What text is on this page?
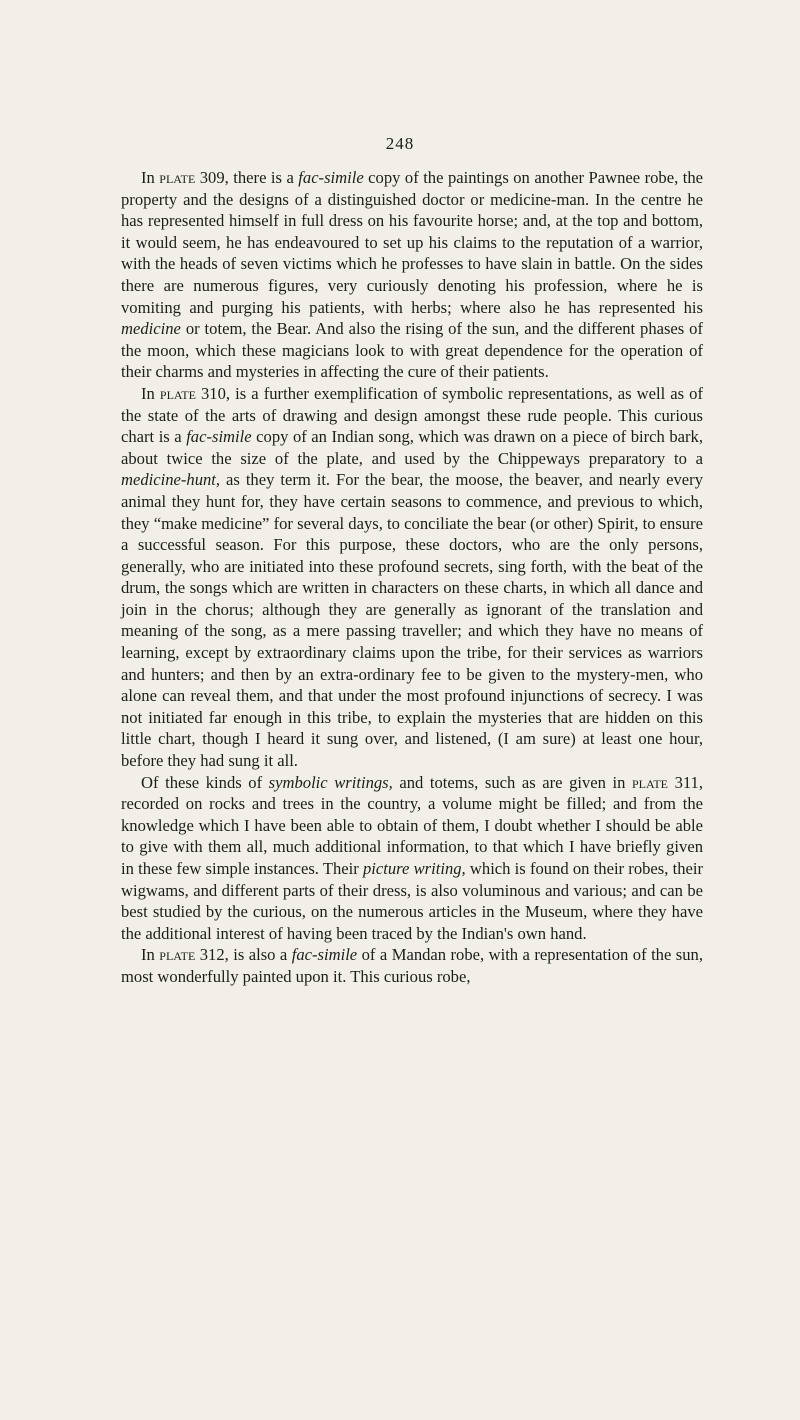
248

In plate 309, there is a fac-simile copy of the paintings on another Pawnee robe, the property and the designs of a distinguished doctor or medicine-man. In the centre he has represented himself in full dress on his favourite horse; and, at the top and bottom, it would seem, he has endeavoured to set up his claims to the reputation of a warrior, with the heads of seven victims which he professes to have slain in battle. On the sides there are numerous figures, very curiously denoting his profession, where he is vomiting and purging his patients, with herbs; where also he has represented his medicine or totem, the Bear. And also the rising of the sun, and the different phases of the moon, which these magicians look to with great dependence for the operation of their charms and mysteries in affecting the cure of their patients.

In plate 310, is a further exemplification of symbolic representations, as well as of the state of the arts of drawing and design amongst these rude people. This curious chart is a fac-simile copy of an Indian song, which was drawn on a piece of birch bark, about twice the size of the plate, and used by the Chippeways preparatory to a medicine-hunt, as they term it. For the bear, the moose, the beaver, and nearly every animal they hunt for, they have certain seasons to commence, and previous to which, they “make medicine” for several days, to conciliate the bear (or other) Spirit, to ensure a successful season. For this purpose, these doctors, who are the only persons, generally, who are initiated into these profound secrets, sing forth, with the beat of the drum, the songs which are written in characters on these charts, in which all dance and join in the chorus; although they are generally as ignorant of the translation and meaning of the song, as a mere passing traveller; and which they have no means of learning, except by extraordinary claims upon the tribe, for their services as warriors and hunters; and then by an extra-ordinary fee to be given to the mystery-men, who alone can reveal them, and that under the most profound injunctions of secrecy. I was not initiated far enough in this tribe, to explain the mysteries that are hidden on this little chart, though I heard it sung over, and listened, (I am sure) at least one hour, before they had sung it all.

Of these kinds of symbolic writings, and totems, such as are given in plate 311, recorded on rocks and trees in the country, a volume might be filled; and from the knowledge which I have been able to obtain of them, I doubt whether I should be able to give with them all, much additional information, to that which I have briefly given in these few simple instances. Their picture writing, which is found on their robes, their wigwams, and different parts of their dress, is also voluminous and various; and can be best studied by the curious, on the numerous articles in the Museum, where they have the additional interest of having been traced by the Indian's own hand.

In plate 312, is also a fac-simile of a Mandan robe, with a representation of the sun, most wonderfully painted upon it. This curious robe,
